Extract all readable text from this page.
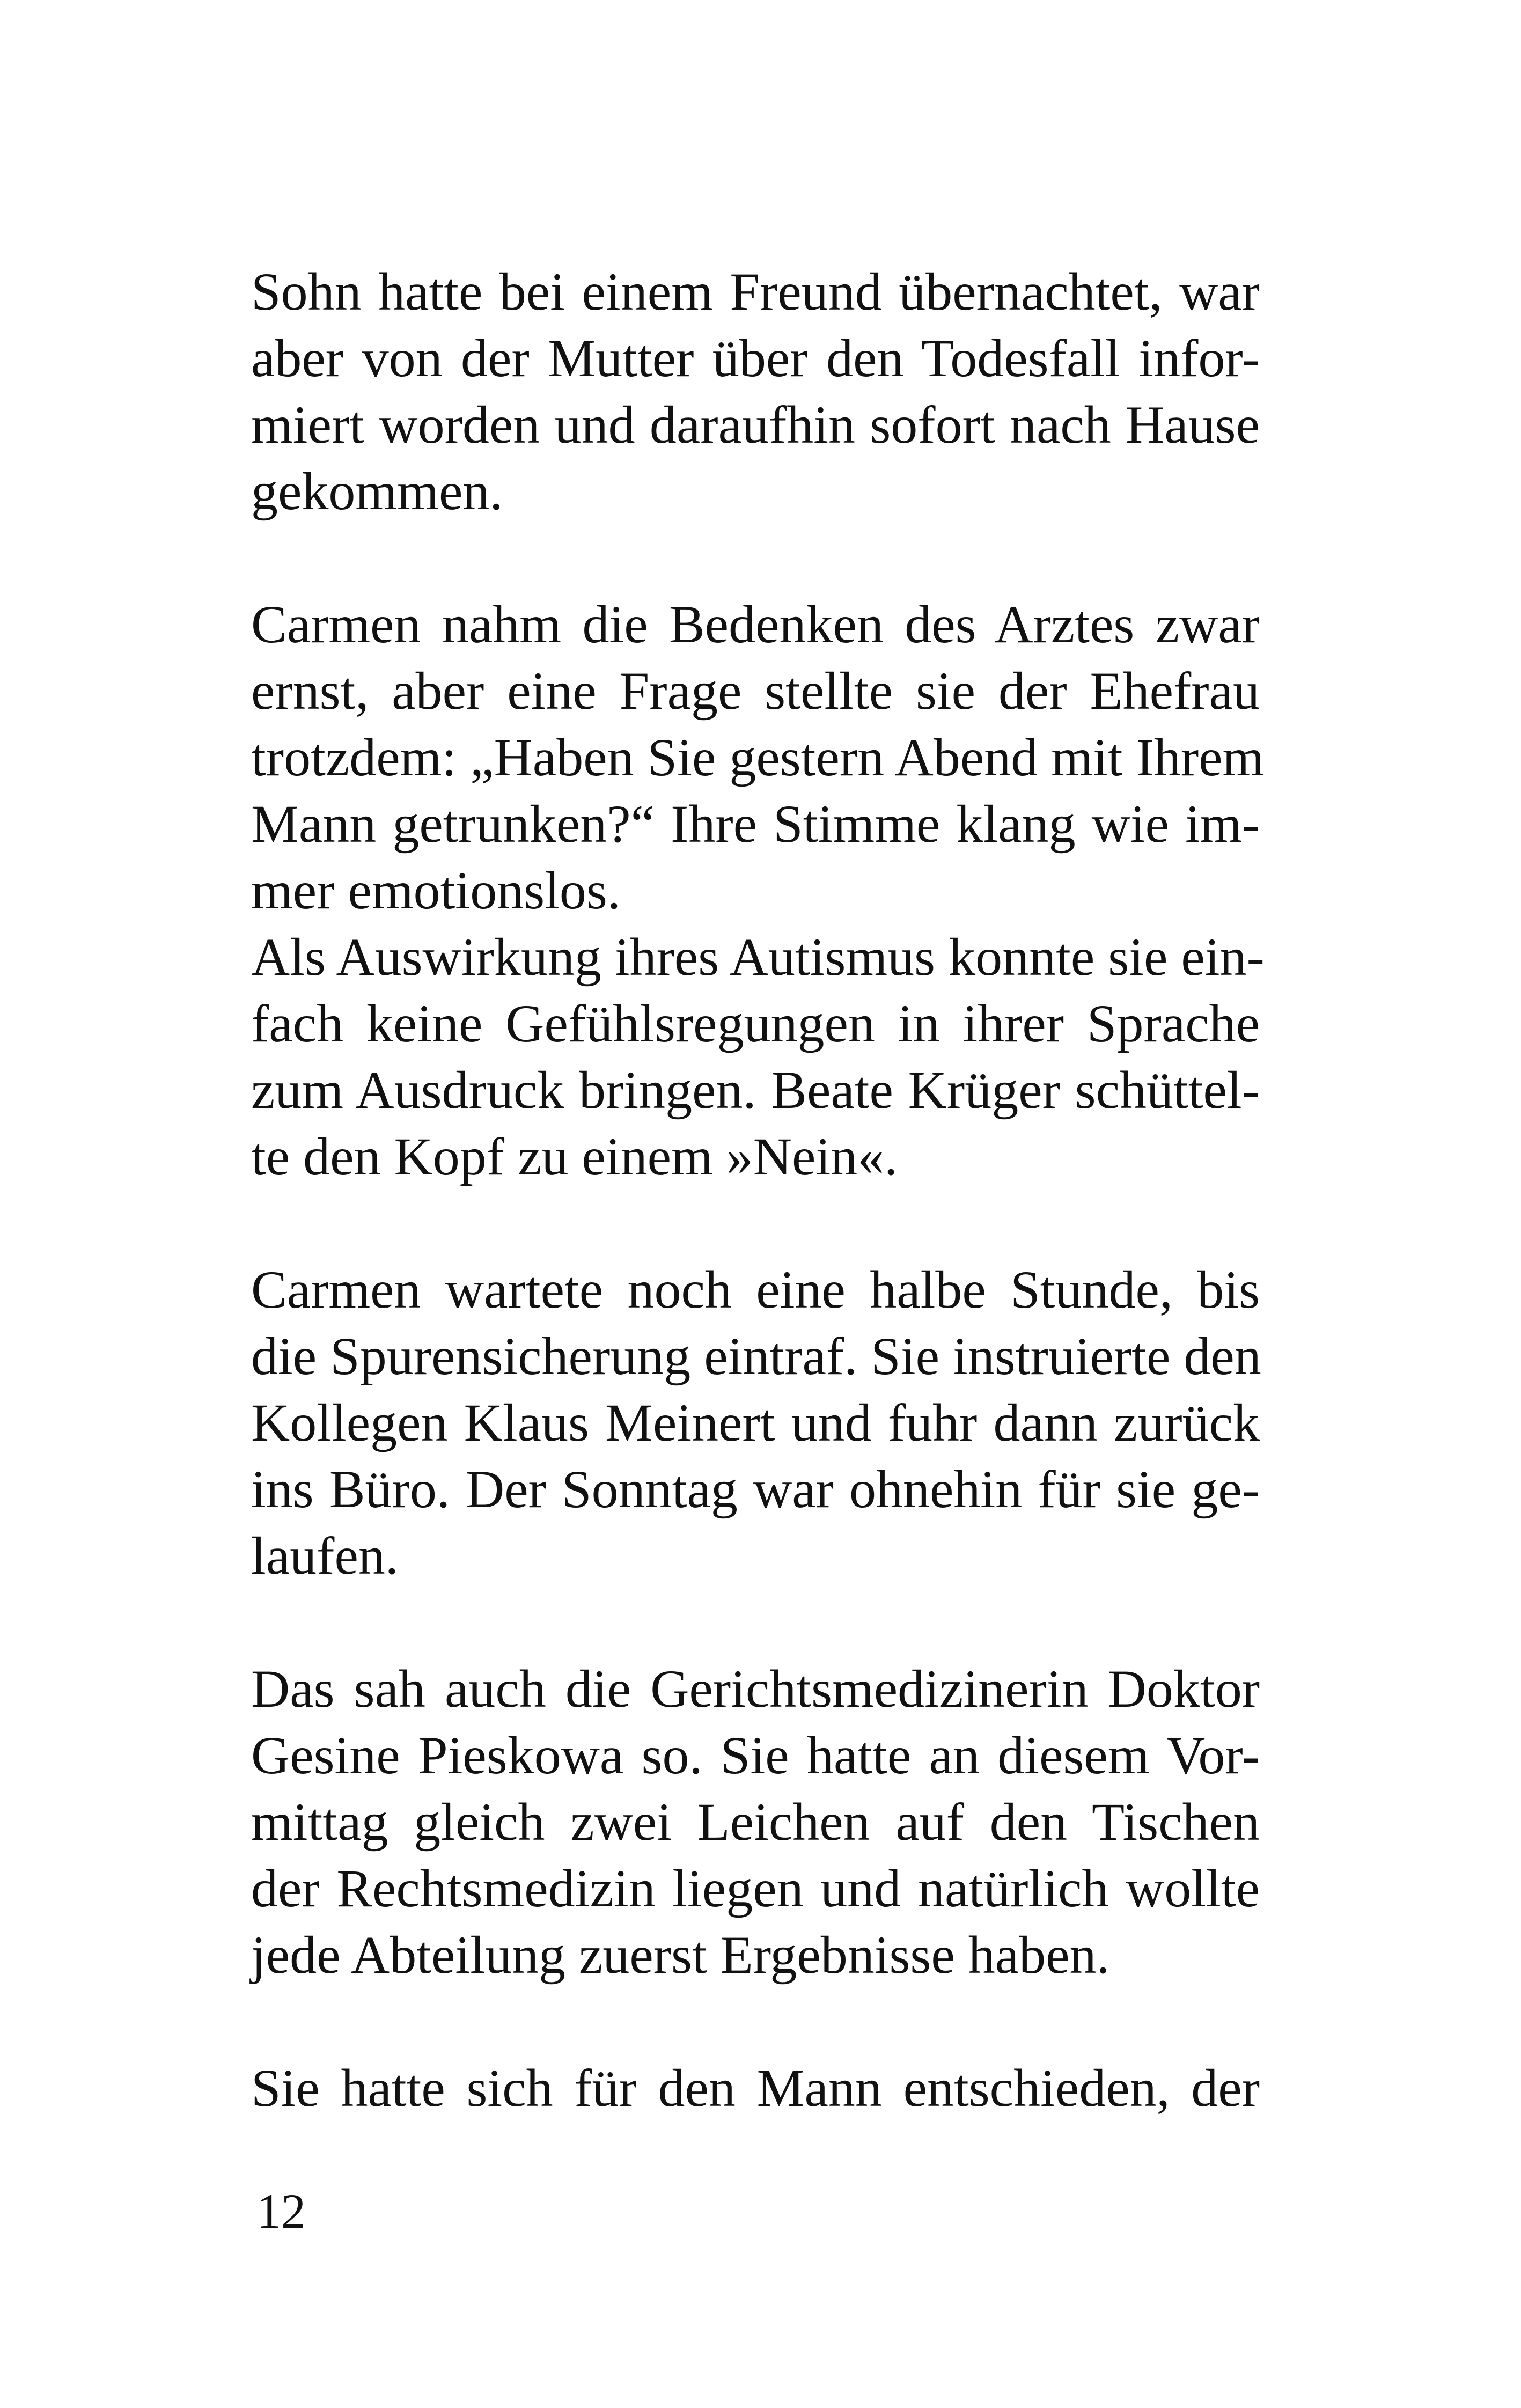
Sohn hatte bei einem Freund übernachtet, war
aber von der Mutter über den Todesfall infor-
miert worden und daraufhin sofort nach Hause
gekommen.

Carmen nahm die Bedenken des Arztes zwar
ernst, aber eine Frage stellte sie der Ehefrau
trotzdem: „Haben Sie gestern Abend mit Ihrem
Mann getrunken?“ Ihre Stimme klang wie im-
mer emotionslos.

Als Auswirkung ihres Autismus konnte sie ein-
fach keine Gefühlsregungen in ihrer Sprache
zum Ausdruck bringen. Beate Krüger schüttel-
te den Kopf zu einem »Nein«.

Carmen wartete noch eine halbe Stunde, bis
die Spurensicherung eintraf. Sie instruierte den
Kollegen Klaus Meinert und fuhr dann zurück
ins Büro. Der Sonntag war ohnehin für sie ge-
laufen.

Das sah auch die Gerichtsmedizinerin Doktor
Gesine Pieskowa so. Sie hatte an diesem Vor-
mittag gleich zwei Leichen auf den Tischen
der Rechtsmedizin liegen und natürlich wollte
jede Abteilung zuerst Ergebnisse haben.

Sie hatte sich für den Mann entschieden, der

12
